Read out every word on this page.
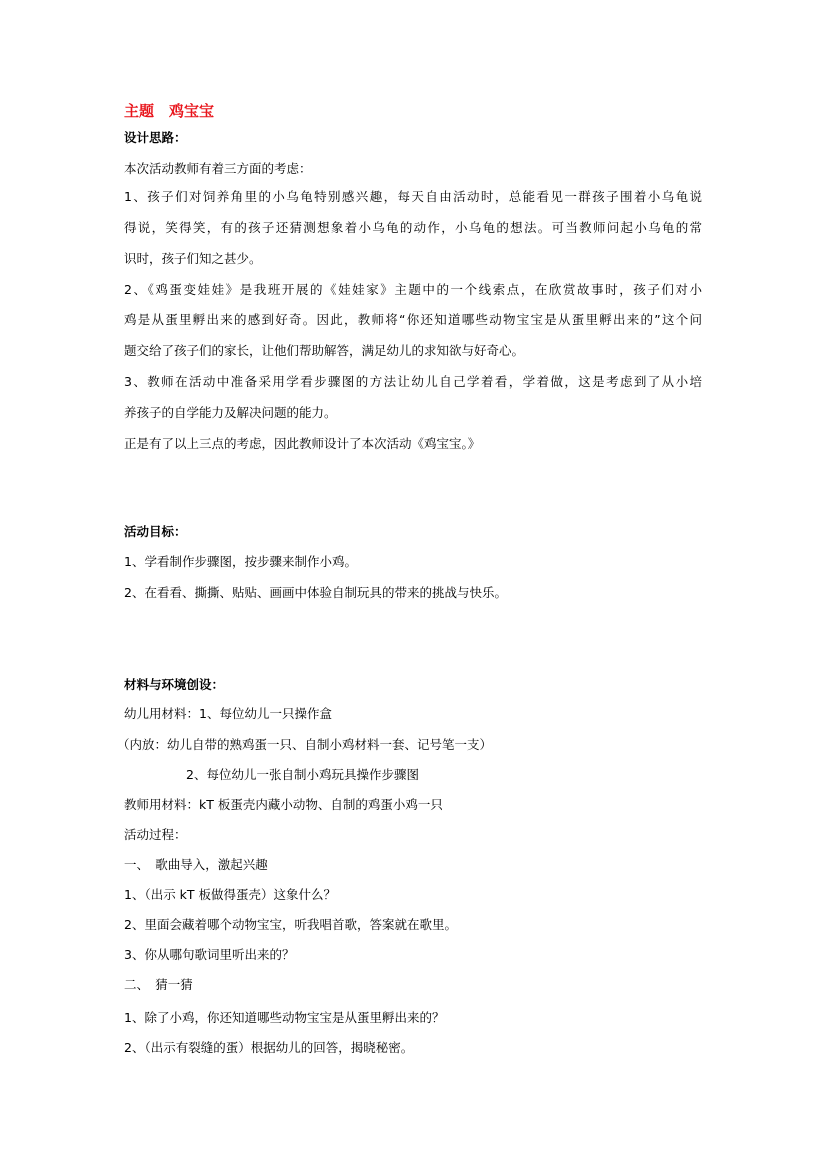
主题　鸡宝宝
设计思路：
本次活动教师有着三方面的考虑：
1、孩子们对饲养角里的小乌龟特别感兴趣，每天自由活动时，总能看见一群孩子围着小乌龟说
得说，笑得笑，有的孩子还猜测想象着小乌龟的动作，小乌龟的想法。可当教师问起小乌龟的常
识时，孩子们知之甚少。
2、《鸡蛋变娃娃》是我班开展的《娃娃家》主题中的一个线索点，在欣赏故事时，孩子们对小
鸡是从蛋里孵出来的感到好奇。因此，教师将“你还知道哪些动物宝宝是从蛋里孵出来的”这个问
题交给了孩子们的家长，让他们帮助解答，满足幼儿的求知欲与好奇心。
3、教师在活动中准备采用学看步骤图的方法让幼儿自己学着看，学着做，这是考虑到了从小培
养孩子的自学能力及解决问题的能力。
正是有了以上三点的考虑，因此教师设计了本次活动《鸡宝宝。》
活动目标：
1、学看制作步骤图，按步骤来制作小鸡。
2、在看看、撕撕、贴贴、画画中体验自制玩具的带来的挑战与快乐。
材料与环境创设：
幼儿用材料：1、每位幼儿一只操作盒
（内放：幼儿自带的熟鸡蛋一只、自制小鸡材料一套、记号笔一支）
2、每位幼儿一张自制小鸡玩具操作步骤图
教师用材料：kT 板蛋壳内藏小动物、自制的鸡蛋小鸡一只
活动过程：
一、　歌曲导入，激起兴趣
1、（出示 kT 板做得蛋壳）这象什么？
2、里面会藏着哪个动物宝宝，听我唱首歌，答案就在歌里。
3、你从哪句歌词里听出来的？
二、　猜一猜
1、除了小鸡，你还知道哪些动物宝宝是从蛋里孵出来的？
2、（出示有裂缝的蛋）根据幼儿的回答，揭晓秘密。
